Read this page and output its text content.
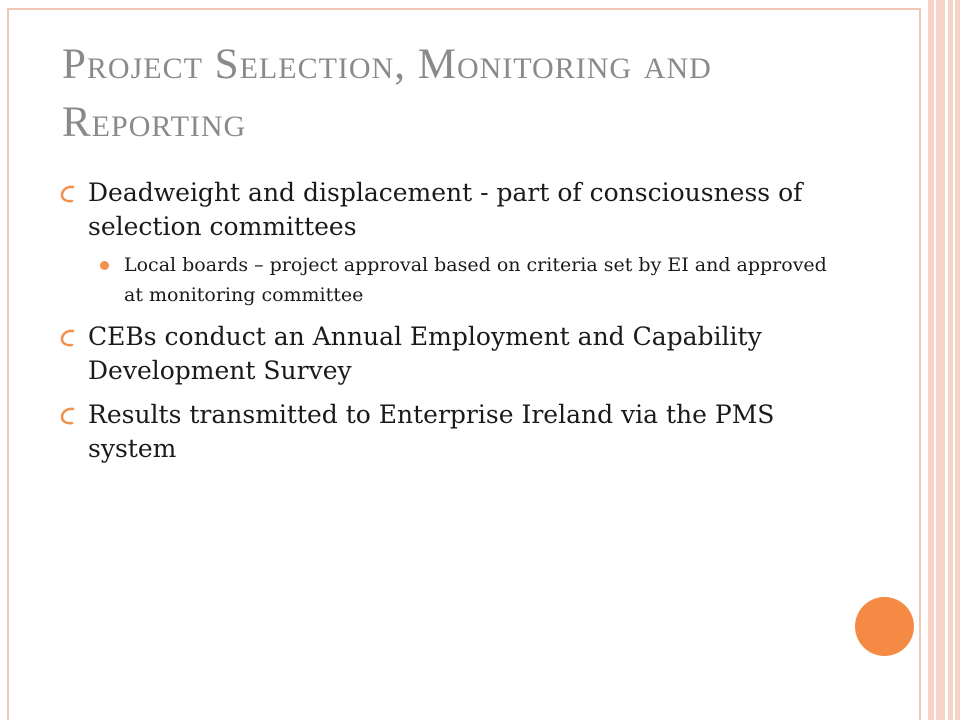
Project Selection, Monitoring and Reporting
Deadweight and displacement - part of consciousness of selection committees
Local boards – project approval based on criteria set by EI and approved at monitoring committee
CEBs conduct an Annual Employment and Capability Development Survey
Results transmitted to Enterprise Ireland via the PMS system
